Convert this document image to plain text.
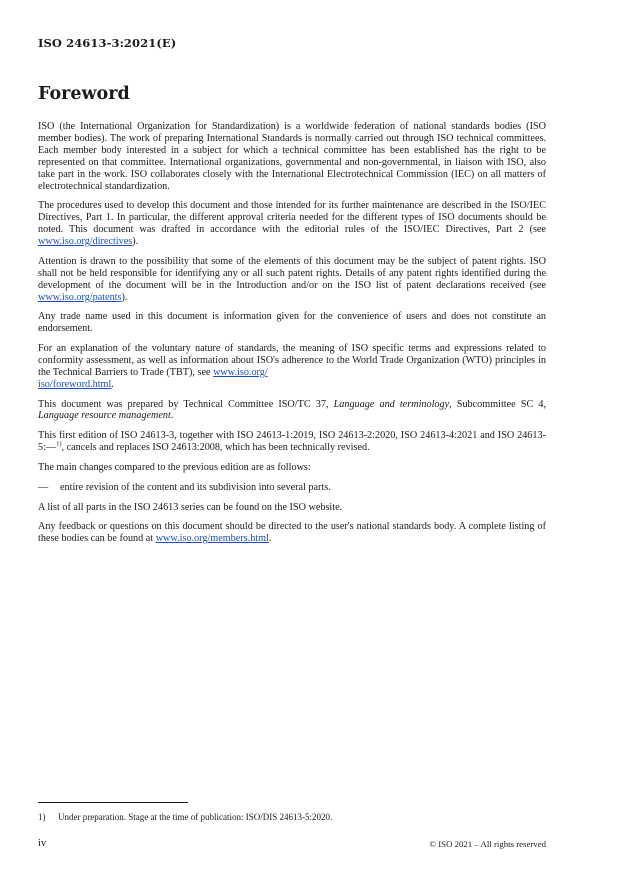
ISO 24613-3:2021(E)
Foreword

ISO (the International Organization for Standardization) is a worldwide federation of national standards bodies (ISO member bodies). The work of preparing International Standards is normally carried out through ISO technical committees. Each member body interested in a subject for which a technical committee has been established has the right to be represented on that committee. International organizations, governmental and non-governmental, in liaison with ISO, also take part in the work. ISO collaborates closely with the International Electrotechnical Commission (IEC) on all matters of electrotechnical standardization.

The procedures used to develop this document and those intended for its further maintenance are described in the ISO/IEC Directives, Part 1. In particular, the different approval criteria needed for the different types of ISO documents should be noted. This document was drafted in accordance with the editorial rules of the ISO/IEC Directives, Part 2 (see www.iso.org/directives).

Attention is drawn to the possibility that some of the elements of this document may be the subject of patent rights. ISO shall not be held responsible for identifying any or all such patent rights. Details of any patent rights identified during the development of the document will be in the Introduction and/or on the ISO list of patent declarations received (see www.iso.org/patents).

Any trade name used in this document is information given for the convenience of users and does not constitute an endorsement.

For an explanation of the voluntary nature of standards, the meaning of ISO specific terms and expressions related to conformity assessment, as well as information about ISO's adherence to the World Trade Organization (WTO) principles in the Technical Barriers to Trade (TBT), see www.iso.org/
iso/foreword.html.

This document was prepared by Technical Committee ISO/TC 37, Language and terminology, Subcommittee SC 4, Language resource management.

This first edition of ISO 24613-3, together with ISO 24613-1:2019, ISO 24613-2:2020, ISO 24613-4:2021 and ISO 24613-5:—$^{1)}$, cancels and replaces ISO 24613:2008, which has been technically revised.

The main changes compared to the previous edition are as follows:

—	entire revision of the content and its subdivision into several parts.

A list of all parts in the ISO 24613 series can be found on the ISO website.

Any feedback or questions on this document should be directed to the user's national standards body. A complete listing of these bodies can be found at www.iso.org/members.html.

1) Under preparation. Stage at the time of publication: ISO/DIS 24613-5:2020.
iv	© ISO 2021 – All rights reserved
